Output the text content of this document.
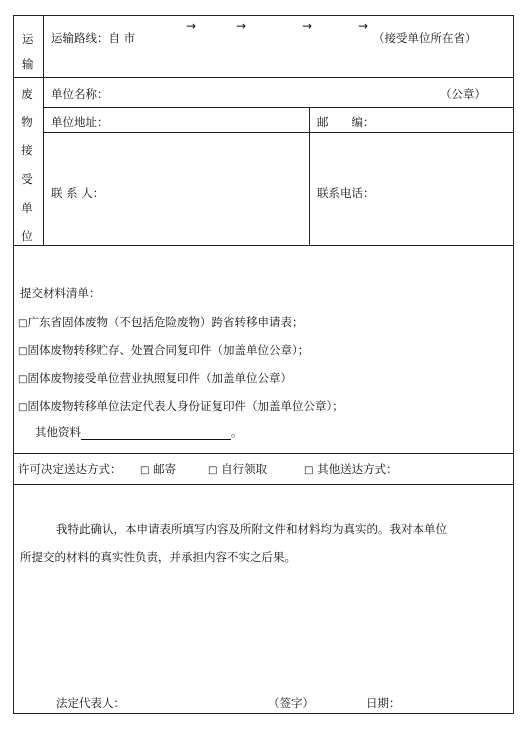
运
输
运输路线：自 市
→	→	→	→
（接受单位所在省）
废
物
接
受
单
位
单位名称：	（公章）
单位地址：	邮　　编：
联 系 人：	联系电话：
提交材料清单：
□广东省固体废物（不包括危险废物）跨省转移申请表；
□固体废物转移贮存、处置合同复印件（加盖单位公章）；
□固体废物接受单位营业执照复印件（加盖单位公章）
□固体废物转移单位法定代表人身份证复印件（加盖单位公章）；
其他资料	。
许可决定送达方式： □ 邮寄	□ 自行领取	□ 其他送达方式：
我特此确认，本申请表所填写内容及所附文件和材料均为真实的。我对本单位
所提交的材料的真实性负责，并承担内容不实之后果。
法定代表人：	（签字）	日期：
